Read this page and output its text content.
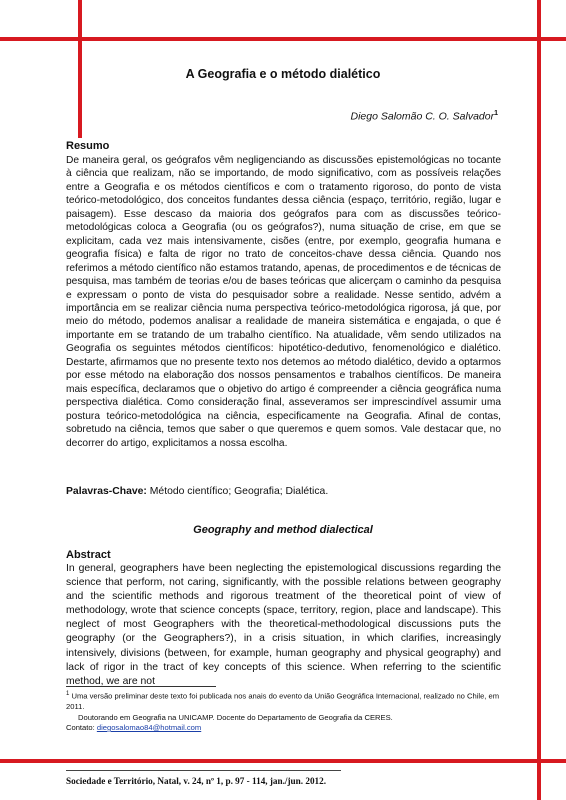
A Geografia e o método dialético
Diego Salomão C. O. Salvador$^1$
Resumo
De maneira geral, os geógrafos vêm negligenciando as discussões epistemológicas no tocante à ciência que realizam, não se importando, de modo significativo, com as possíveis relações entre a Geografia e os métodos científicos e com o tratamento rigoroso, do ponto de vista teórico-metodológico, dos conceitos fundantes dessa ciência (espaço, território, região, lugar e paisagem). Esse descaso da maioria dos geógrafos para com as discussões teórico-metodológicas coloca a Geografia (ou os geógrafos?), numa situação de crise, em que se explicitam, cada vez mais intensivamente, cisões (entre, por exemplo, geografia humana e geografia física) e falta de rigor no trato de conceitos-chave dessa ciência. Quando nos referimos a método científico não estamos tratando, apenas, de procedimentos e de técnicas de pesquisa, mas também de teorias e/ou de bases teóricas que alicerçam o caminho da pesquisa e expressam o ponto de vista do pesquisador sobre a realidade. Nesse sentido, advém a importância em se realizar ciência numa perspectiva teórico-metodológica rigorosa, já que, por meio do método, podemos analisar a realidade de maneira sistemática e engajada, o que é importante em se tratando de um trabalho científico. Na atualidade, vêm sendo utilizados na Geografia os seguintes métodos científicos: hipotético-dedutivo, fenomenológico e dialético. Destarte, afirmamos que no presente texto nos detemos ao método dialético, devido a optarmos por esse método na elaboração dos nossos pensamentos e trabalhos científicos. De maneira mais específica, declaramos que o objetivo do artigo é compreender a ciência geográfica numa perspectiva dialética. Como consideração final, asseveramos ser imprescindível assumir uma postura teórico-metodológica na ciência, especificamente na Geografia. Afinal de contas, sobretudo na ciência, temos que saber o que queremos e quem somos. Vale destacar que, no decorrer do artigo, explicitamos a nossa escolha.
Palavras-Chave: Método científico; Geografia; Dialética.
Geography and method dialectical
Abstract
In general, geographers have been neglecting the epistemological discussions regarding the science that perform, not caring, significantly, with the possible relations between geography and the scientific methods and rigorous treatment of the theoretical point of view of methodology, wrote that science concepts (space, territory, region, place and landscape). This neglect of most Geographers with the theoretical-methodological discussions puts the geography (or the Geographers?), in a crisis situation, in which clarifies, increasingly intensively, divisions (between, for example, human geography and physical geography) and lack of rigor in the tract of key concepts of this science. When referring to the scientific method, we are not

$^1$ Uma versão preliminar deste texto foi publicada nos anais do evento da União Geográfica Internacional, realizado no Chile, em 2011.

Doutorando em Geografia na UNICAMP. Docente do Departamento de Geografia da CERES.

Contato: diegosalomao84@hotmail.com

Sociedade e Território, Natal, v. 24, nº 1, p. 97 - 114, jan./jun. 2012.
